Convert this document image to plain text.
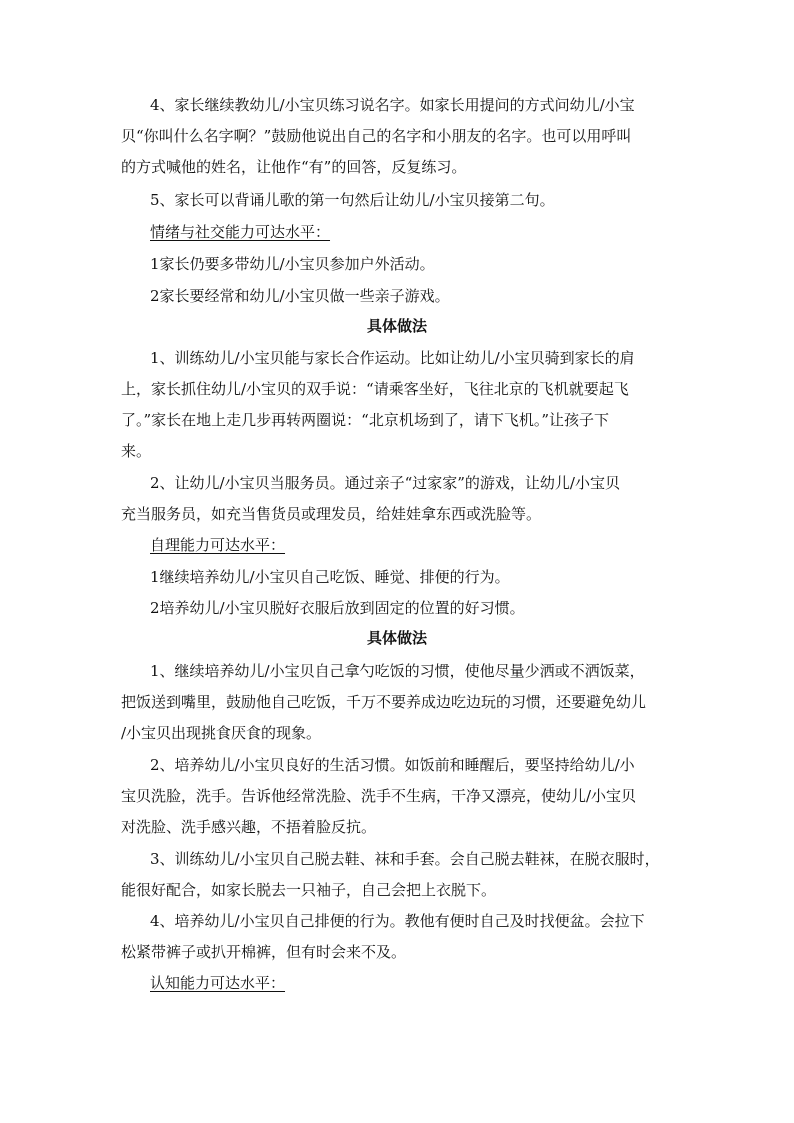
4、家长继续教幼儿/小宝贝练习说名字。如家长用提问的方式问幼儿/小宝
贝“你叫什么名字啊？”鼓励他说出自己的名字和小朋友的名字。也可以用呼叫
的方式喊他的姓名，让他作“有”的回答，反复练习。
5、家长可以背诵儿歌的第一句然后让幼儿/小宝贝接第二句。
情绪与社交能力可达水平：
1家长仍要多带幼儿/小宝贝参加户外活动。
2家长要经常和幼儿/小宝贝做一些亲子游戏。
具体做法
1、训练幼儿/小宝贝能与家长合作运动。比如让幼儿/小宝贝骑到家长的肩
上，家长抓住幼儿/小宝贝的双手说：“请乘客坐好，飞往北京的飞机就要起飞
了。”家长在地上走几步再转两圈说：“北京机场到了，请下飞机。”让孩子下
来。
2、让幼儿/小宝贝当服务员。通过亲子“过家家”的游戏，让幼儿/小宝贝
充当服务员，如充当售货员或理发员，给娃娃拿东西或洗脸等。
自理能力可达水平：
1继续培养幼儿/小宝贝自己吃饭、睡觉、排便的行为。
2培养幼儿/小宝贝脱好衣服后放到固定的位置的好习惯。
具体做法
1、继续培养幼儿/小宝贝自己拿勺吃饭的习惯，使他尽量少洒或不洒饭菜，
把饭送到嘴里，鼓励他自己吃饭，千万不要养成边吃边玩的习惯，还要避免幼儿
/小宝贝出现挑食厌食的现象。
2、培养幼儿/小宝贝良好的生活习惯。如饭前和睡醒后，要坚持给幼儿/小
宝贝洗脸，洗手。告诉他经常洗脸、洗手不生病，干净又漂亮，使幼儿/小宝贝
对洗脸、洗手感兴趣，不捂着脸反抗。
3、训练幼儿/小宝贝自己脱去鞋、袜和手套。会自己脱去鞋袜，在脱衣服时，
能很好配合，如家长脱去一只袖子，自己会把上衣脱下。
4、培养幼儿/小宝贝自己排便的行为。教他有便时自己及时找便盆。会拉下
松紧带裤子或扒开棉裤，但有时会来不及。
认知能力可达水平：
